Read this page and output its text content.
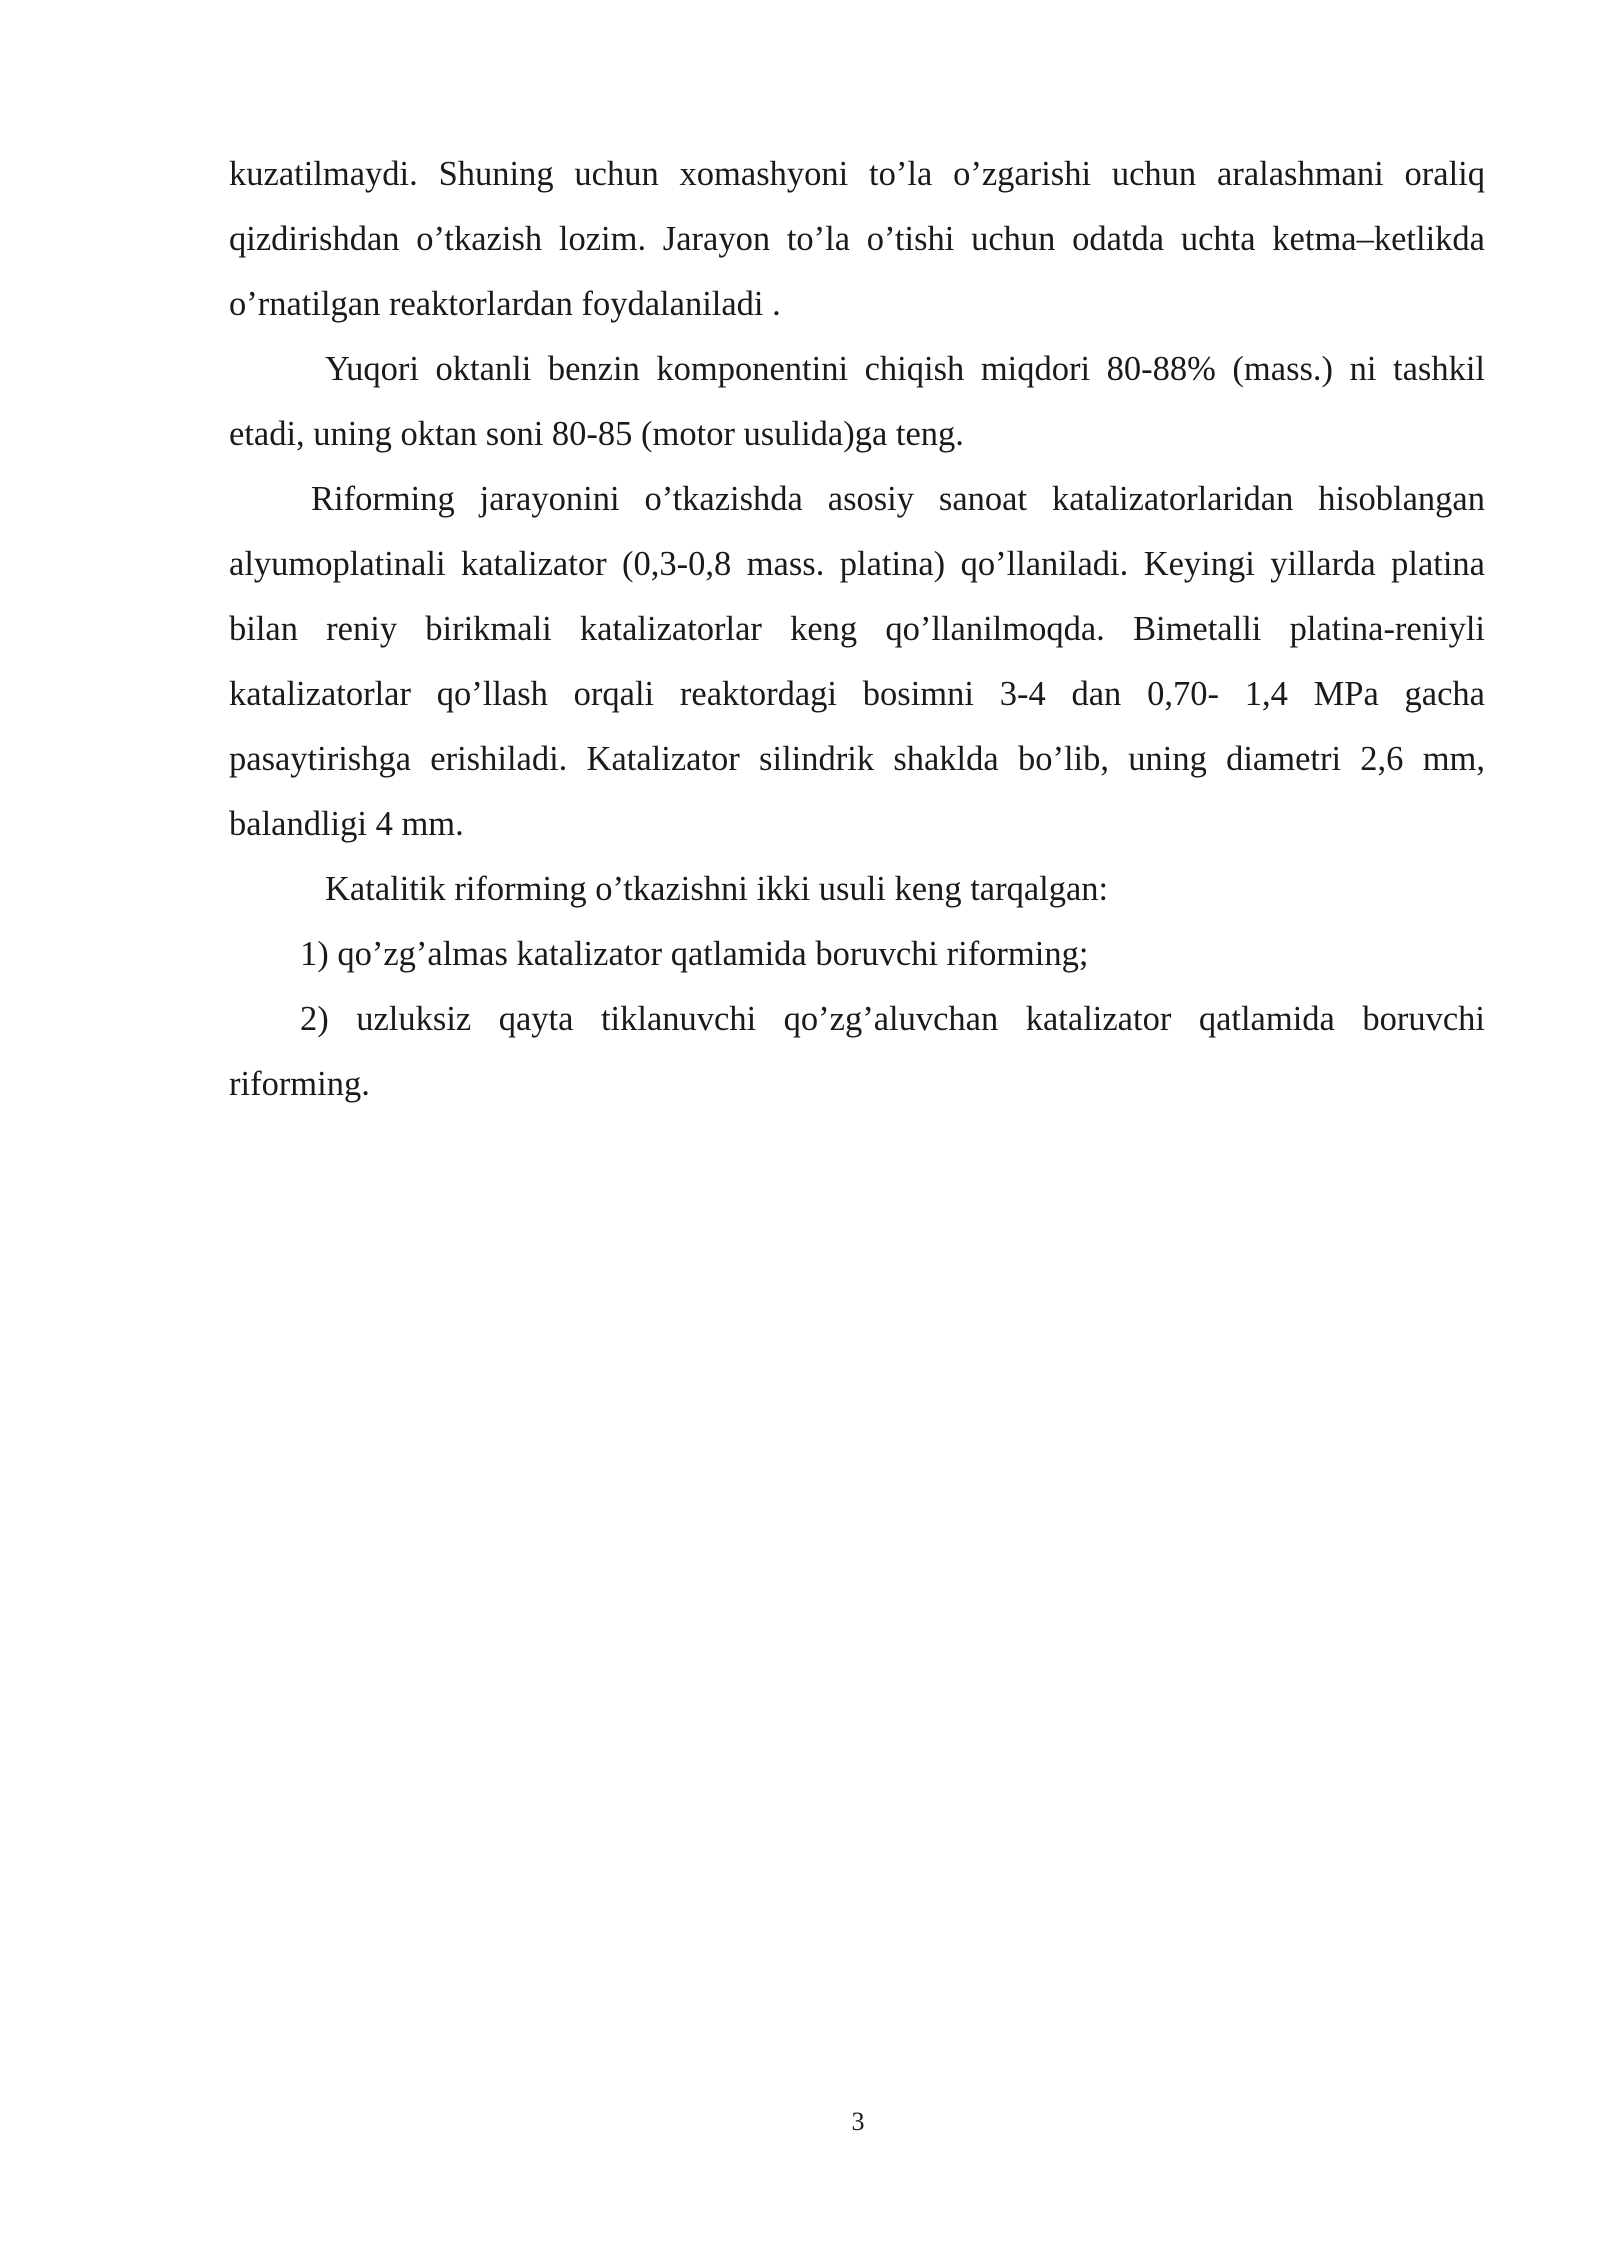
kuzatilmaydi. Shuning uchun xomashyoni to’la o’zgarishi uchun aralashmani oraliq qizdirishdan o’tkazish lozim. Jarayon to’la o’tishi uchun odatda uchta ketma–ketlikda o’rnatilgan reaktorlardan foydalaniladi .

Yuqori oktanli benzin komponentini chiqish miqdori 80-88% (mass.) ni tashkil etadi, uning oktan soni 80-85 (motor usulida)ga teng.

Riforming jarayonini o’tkazishda asosiy sanoat katalizatorlaridan hisoblangan alyumoplatinali katalizator (0,3-0,8 mass. platina) qo’llaniladi. Keyingi yillarda platina bilan reniy birikmali katalizatorlar keng qo’llanilmoqda. Bimetalli platina-reniyli katalizatorlar qo’llash orqali reaktordagi bosimni 3-4 dan 0,70- 1,4 MPa gacha pasaytirishga erishiladi. Katalizator silindrik shaklda bo’lib, uning diametri 2,6 mm, balandligi 4 mm.

Katalitik riforming o’tkazishni ikki usuli keng tarqalgan:

1) qo’zg’almas katalizator qatlamida boruvchi riforming;

2) uzluksiz qayta tiklanuvchi qo’zg’aluvchan katalizator qatlamida boruvchi riforming.

3
